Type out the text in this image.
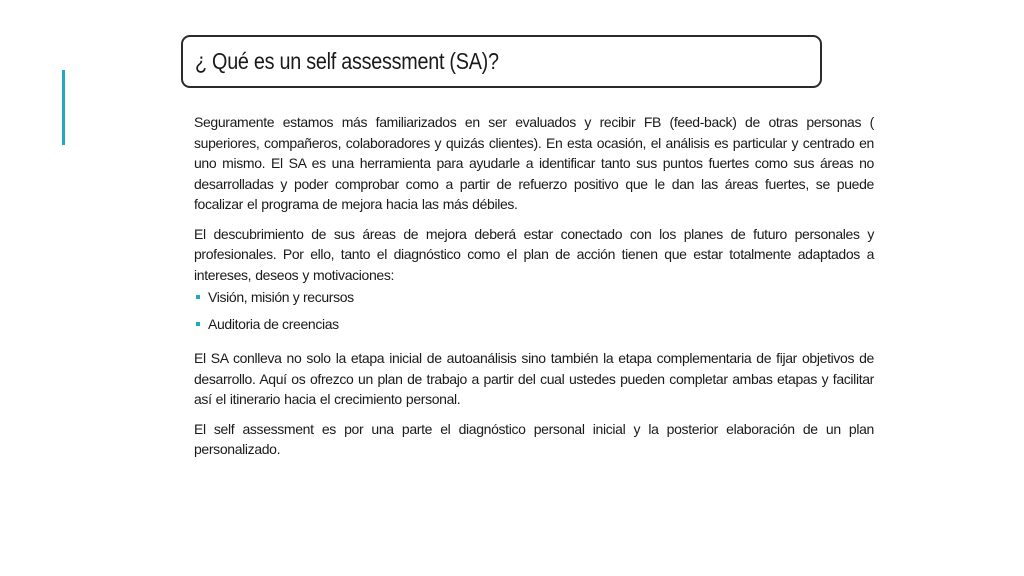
¿ Qué es un self assessment (SA)?

Seguramente estamos más familiarizados en ser evaluados y recibir FB (feed-back) de otras personas ( superiores, compañeros, colaboradores y quizás clientes). En esta ocasión, el análisis es particular y centrado en uno mismo. El SA es una herramienta para ayudarle a identificar tanto sus puntos fuertes como sus áreas no desarrolladas y poder comprobar como a partir de refuerzo positivo que le dan las áreas fuertes, se puede focalizar el programa de mejora hacia las más débiles.

El descubrimiento de sus áreas de mejora deberá estar conectado con los planes de futuro personales y profesionales. Por ello, tanto el diagnóstico como el plan de acción tienen que estar totalmente adaptados a intereses, deseos y motivaciones:

Visión, misión y recursos
Auditoria de creencias

El SA conlleva no solo la etapa inicial de autoanálisis sino también la etapa complementaria de fijar objetivos de desarrollo. Aquí os ofrezco un plan de trabajo a partir del cual ustedes pueden completar ambas etapas y facilitar así el itinerario hacia el crecimiento personal.

El self assessment es por una parte el diagnóstico personal inicial y la posterior elaboración de un plan personalizado.
